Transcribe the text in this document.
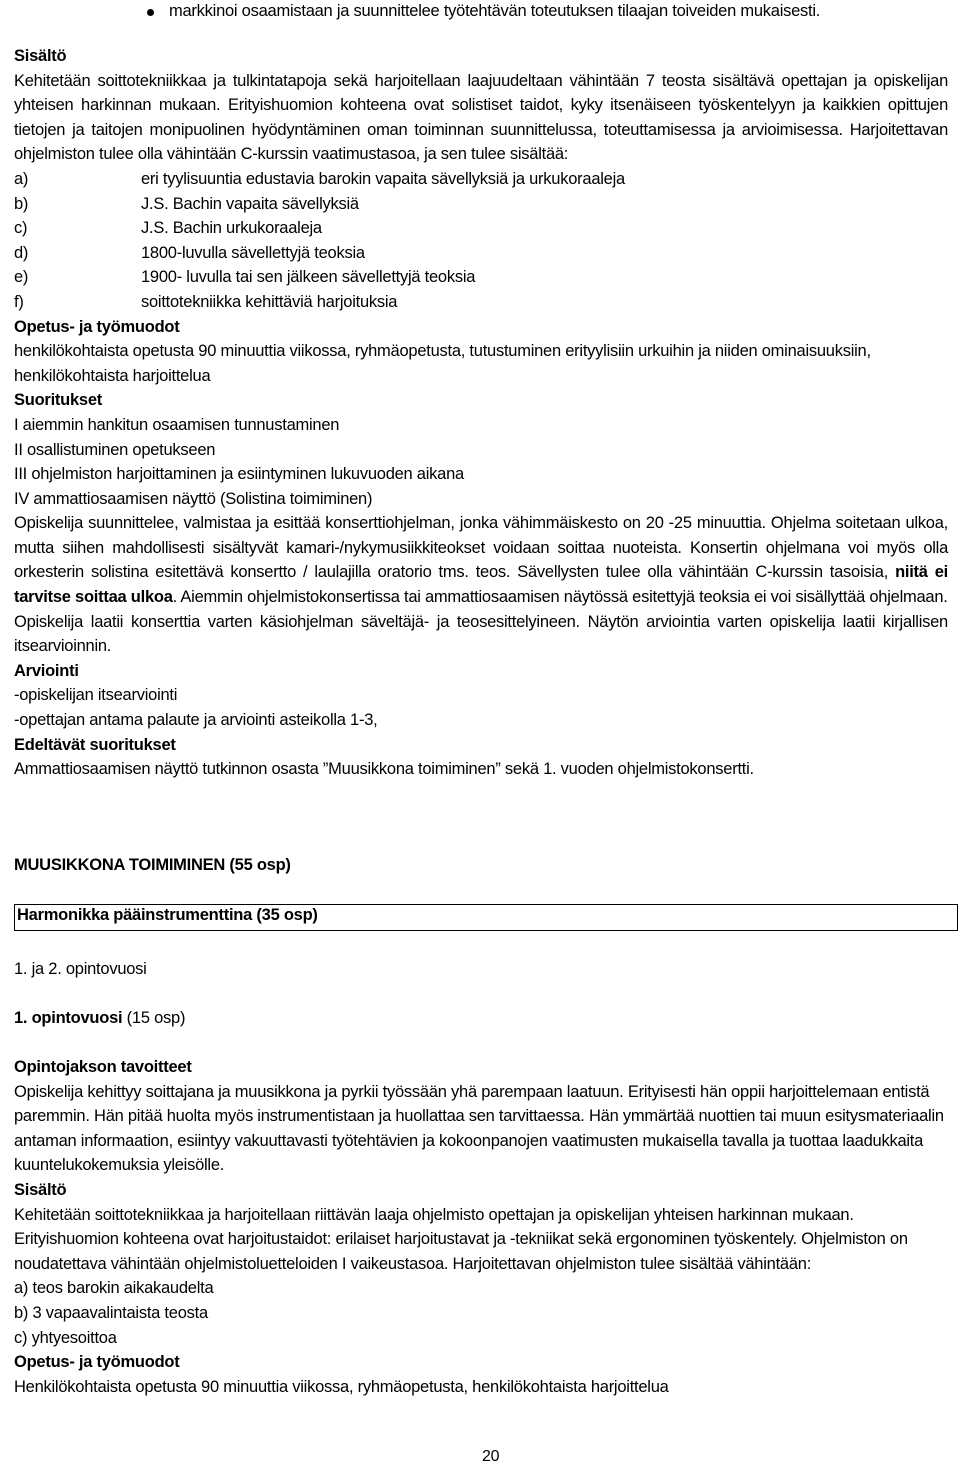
markkinoi osaamistaan ja suunnittelee työtehtävän toteutuksen tilaajan toiveiden mukaisesti.

Sisältö

Kehitetään soittotekniikkaa ja tulkintatapoja sekä harjoitellaan laajuudeltaan vähintään 7 teosta sisältävä opettajan ja opiskelijan yhteisen harkinnan mukaan. Erityishuomion kohteena ovat solistiset taidot, kyky itsenäiseen työskentelyyn ja kaikkien opittujen tietojen ja taitojen monipuolinen hyödyntäminen oman toiminnan suunnittelussa, toteuttamisessa ja arvioimisessa. Harjoitettavan ohjelmiston tulee olla vähintään C-kurssin vaatimustasoa, ja sen tulee sisältää:

a)	eri tyylisuuntia edustavia barokin vapaita sävellyksiä ja urkukoraaleja
b)	J.S. Bachin vapaita sävellyksiä
c)	J.S. Bachin urkukoraaleja
d)	1800-luvulla sävellettyjä teoksia
e)	1900- luvulla tai sen jälkeen sävellettyjä teoksia
f)	soittotekniikka kehittäviä harjoituksia

Opetus- ja työmuodot

henkilökohtaista opetusta 90 minuuttia viikossa, ryhmäopetusta, tutustuminen erityylisiin urkuihin ja niiden ominaisuuksiin, henkilökohtaista harjoittelua

Suoritukset

I aiemmin hankitun osaamisen tunnustaminen

II osallistuminen opetukseen

III ohjelmiston harjoittaminen ja esiintyminen lukuvuoden aikana

IV ammattiosaamisen näyttö (Solistina toimiminen)

Opiskelija suunnittelee, valmistaa ja esittää konserttiohjelman, jonka vähimmäiskesto on 20 -25 minuuttia. Ohjelma soitetaan ulkoa, mutta siihen mahdollisesti sisältyvät kamari-/nykymusiikkiteokset voidaan soittaa nuoteista. Konsertin ohjelmana voi myös olla orkesterin solistina esitettävä konsertto / laulajilla oratorio tms. teos. Sävellysten tulee olla vähintään C-kurssin tasoisia, niitä ei tarvitse soittaa ulkoa. Aiemmin ohjelmistokonsertissa tai ammattiosaamisen näytössä esitettyjä teoksia ei voi sisällyttää ohjelmaan.

Opiskelija laatii konserttia varten käsiohjelman säveltäjä- ja teosesittelyineen. Näytön arviointia varten opiskelija laatii kirjallisen itsearvioinnin.

Arviointi

-opiskelijan itsearviointi

-opettajan antama palaute ja arviointi asteikolla 1-3,

Edeltävät suoritukset

Ammattiosaamisen näyttö tutkinnon osasta ”Muusikkona toimiminen” sekä 1. vuoden ohjelmistokonsertti.

MUUSIKKONA TOIMIMINEN (55 osp)

Harmonikka pääinstrumenttina (35 osp)

1. ja 2. opintovuosi

1. opintovuosi (15 osp)

Opintojakson tavoitteet

Opiskelija kehittyy soittajana ja muusikkona ja pyrkii työssään yhä parempaan laatuun. Erityisesti hän oppii harjoittelemaan entistä paremmin. Hän pitää huolta myös instrumentistaan ja huollattaa sen tarvittaessa. Hän ymmärtää nuottien tai muun esitysmateriaalin antaman informaation, esiintyy vakuuttavasti työtehtävien ja kokoonpanojen vaatimusten mukaisella tavalla ja tuottaa laadukkaita kuuntelukokemuksia yleisölle.

Sisältö

Kehitetään soittotekniikkaa ja harjoitellaan riittävän laaja ohjelmisto opettajan ja opiskelijan yhteisen harkinnan mukaan. Erityishuomion kohteena ovat harjoitustaidot: erilaiset harjoitustavat ja -tekniikat sekä ergonominen työskentely. Ohjelmiston on noudatettava vähintään ohjelmistoluetteloiden I vaikeustasoa. Harjoitettavan ohjelmiston tulee sisältää vähintään:

a) teos barokin aikakaudelta

b) 3 vapaavalintaista teosta

c) yhtyesoittoa

Opetus- ja työmuodot

Henkilökohtaista opetusta 90 minuuttia viikossa, ryhmäopetusta, henkilökohtaista harjoittelua

20
